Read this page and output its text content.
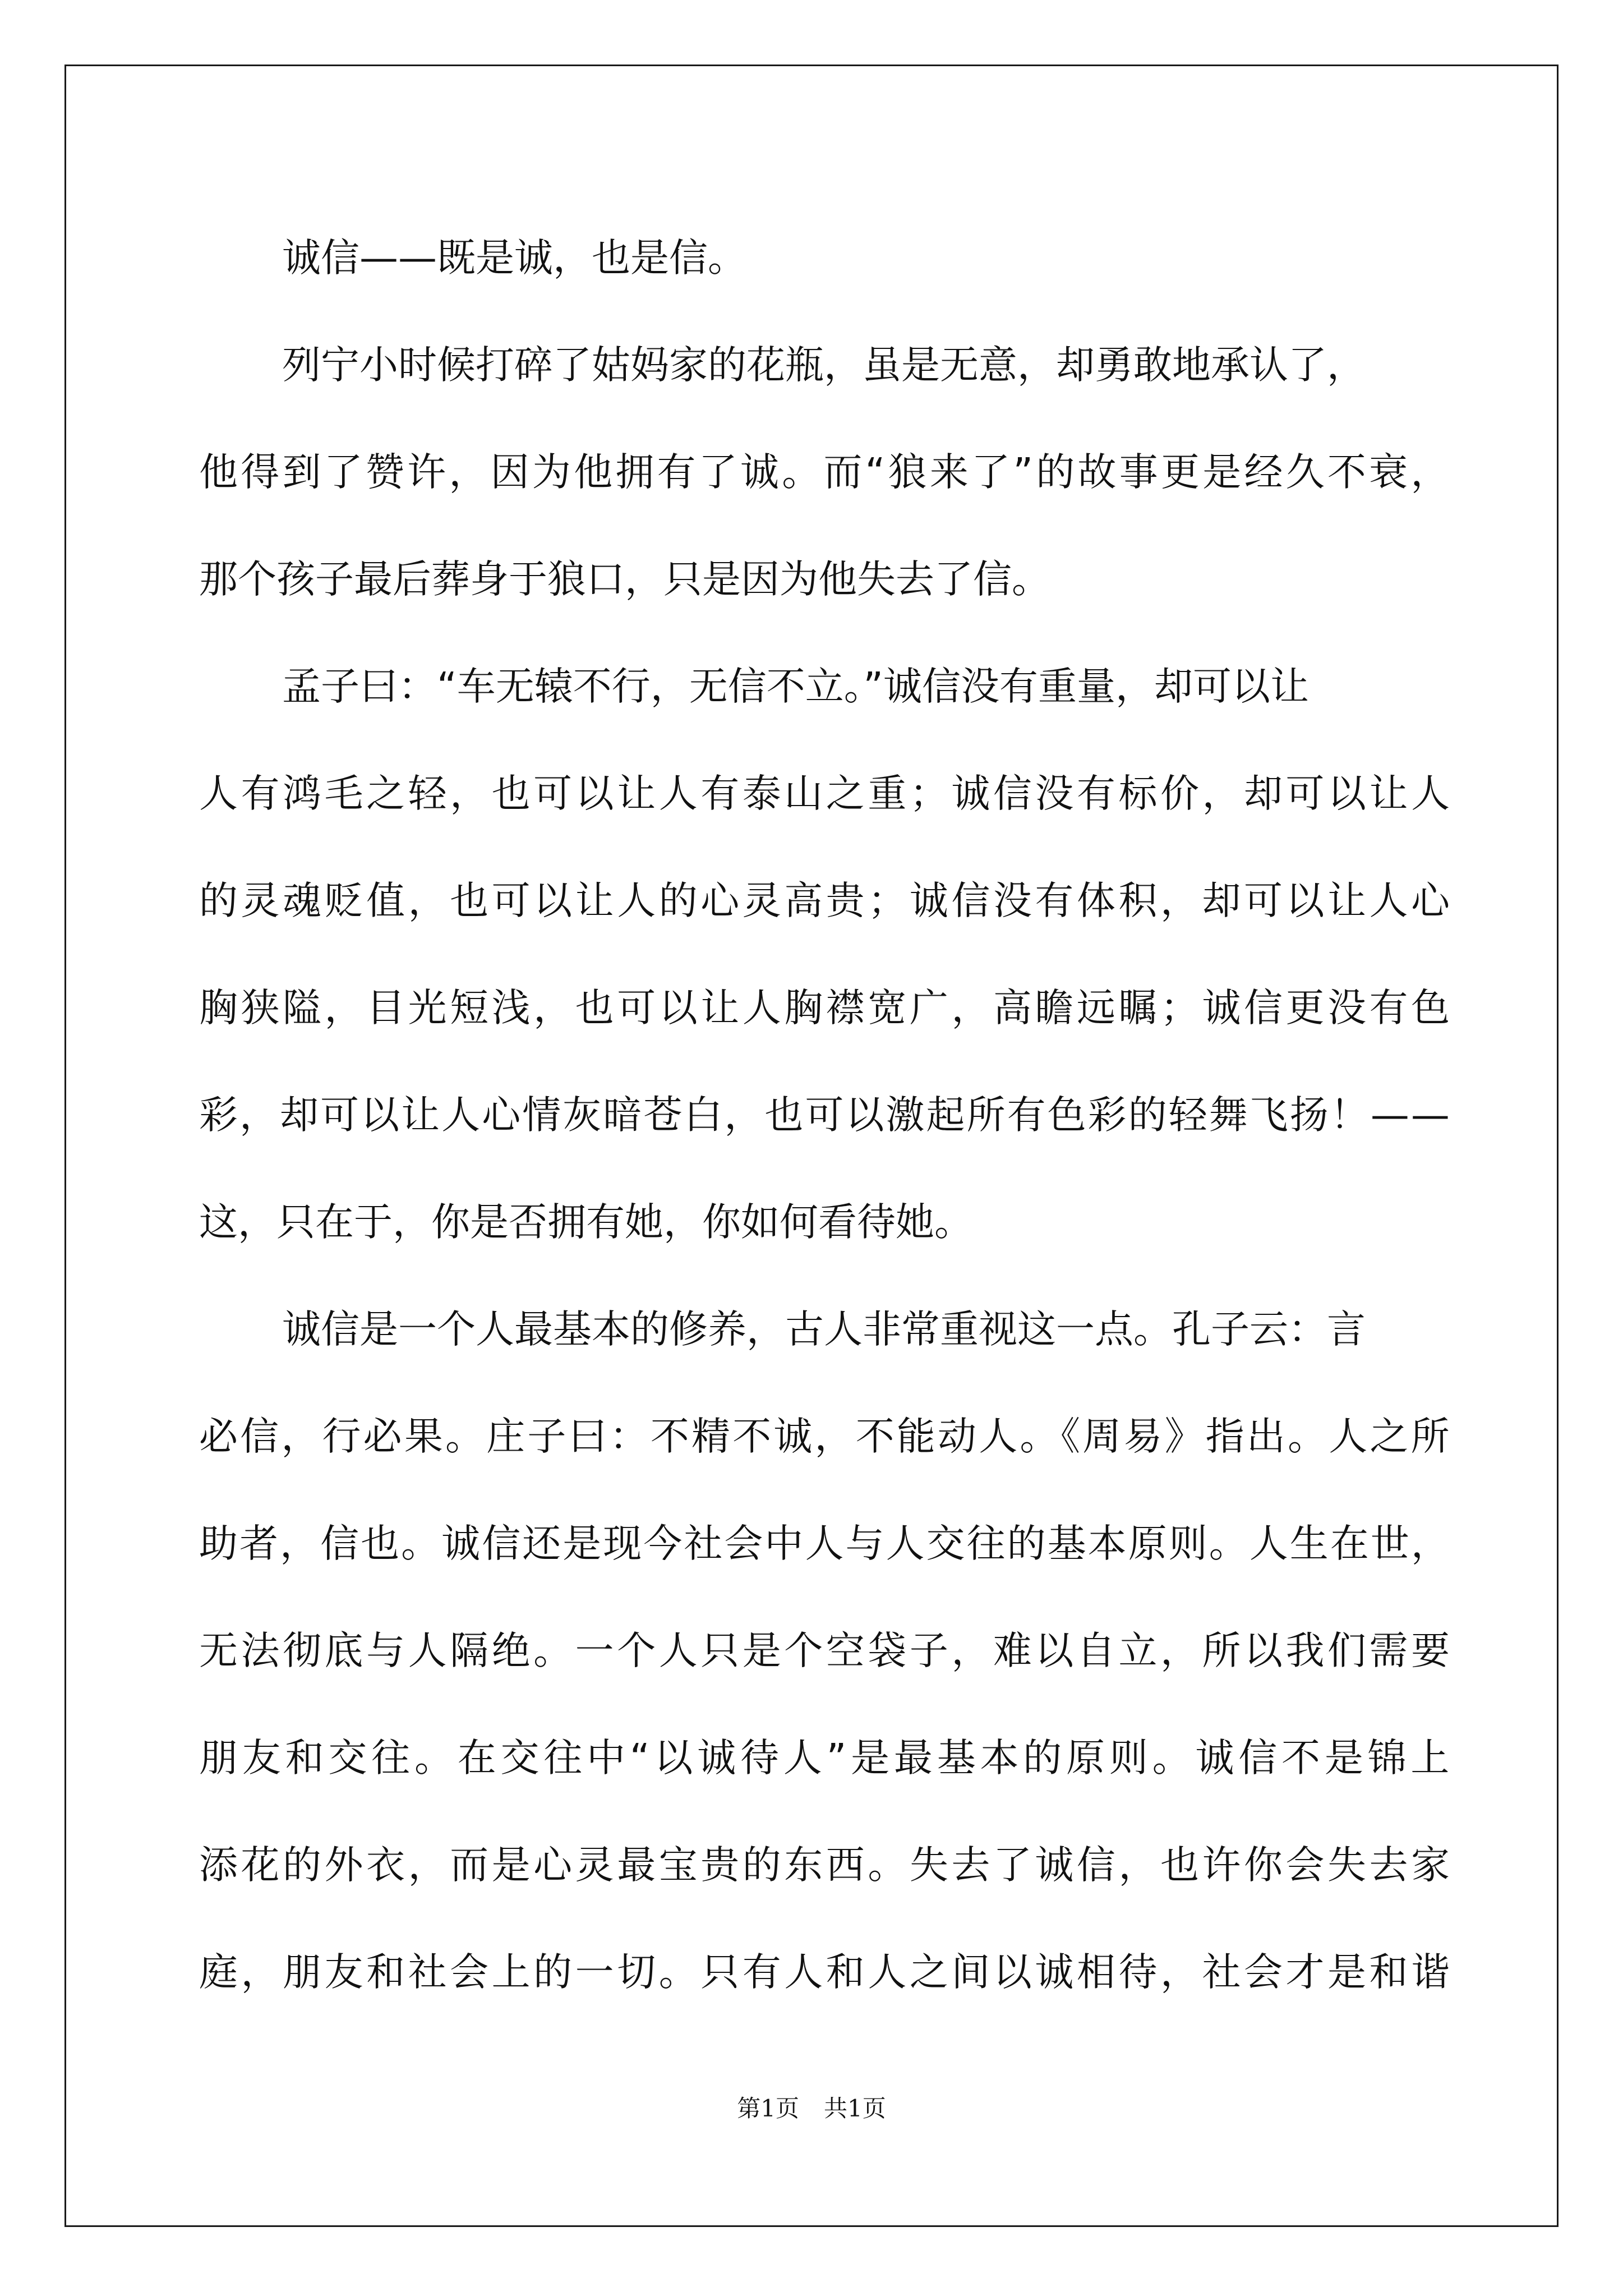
诚信——既是诚，也是信。
列宁小时候打碎了姑妈家的花瓶，虽是无意，却勇敢地承认了，
他得到了赞许，因为他拥有了诚。而“狼来了”的故事更是经久不衰，
那个孩子最后葬身于狼口，只是因为他失去了信。
孟子曰：“车无辕不行，无信不立。”诚信没有重量，却可以让
人有鸿毛之轻，也可以让人有泰山之重；诚信没有标价，却可以让人
的灵魂贬值，也可以让人的心灵高贵；诚信没有体积，却可以让人心
胸狭隘，目光短浅，也可以让人胸襟宽广，高瞻远瞩；诚信更没有色
彩，却可以让人心情灰暗苍白，也可以激起所有色彩的轻舞飞扬！——
这，只在于，你是否拥有她，你如何看待她。
诚信是一个人最基本的修养，古人非常重视这一点。孔子云：言
必信，行必果。庄子曰：不精不诚，不能动人。《周易》指出。人之所
助者，信也。诚信还是现今社会中人与人交往的基本原则。人生在世，
无法彻底与人隔绝。一个人只是个空袋子，难以自立，所以我们需要
朋友和交往。在交往中“以诚待人”是最基本的原则。诚信不是锦上
添花的外衣，而是心灵最宝贵的东西。失去了诚信，也许你会失去家
庭，朋友和社会上的一切。只有人和人之间以诚相待，社会才是和谐
第1页 共1页
